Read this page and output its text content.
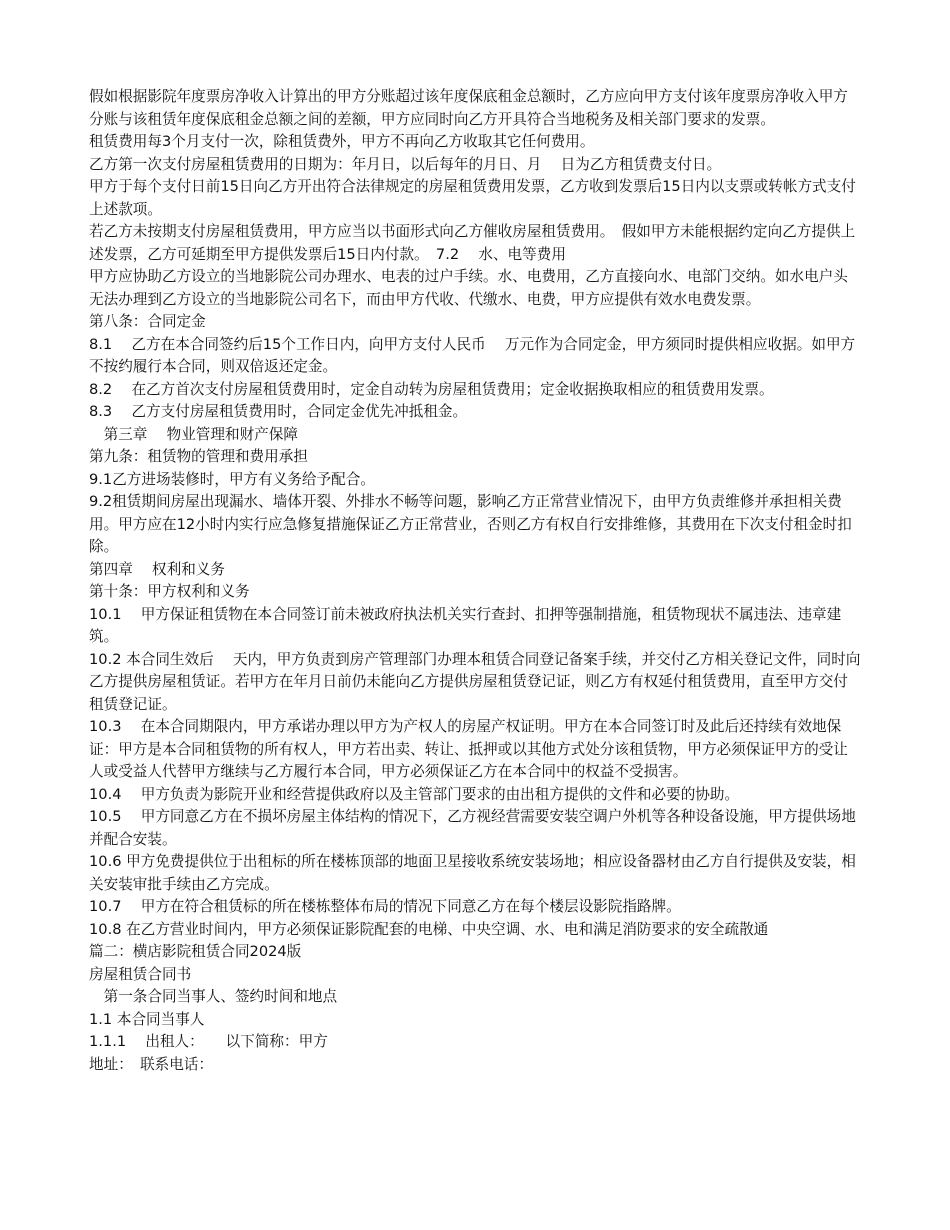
假如根据影院年度票房净收入计算出的甲方分账超过该年度保底租金总额时，乙方应向甲方支付该年度票房净收入甲方分账与该租赁年度保底租金总额之间的差额，甲方应同时向乙方开具符合当地税务及相关部门要求的发票。

租赁费用每3个月支付一次，除租赁费外，甲方不再向乙方收取其它任何费用。

乙方第一次支付房屋租赁费用的日期为：年月日，以后每年的月日、月　 日为乙方租赁费支付日。

甲方于每个支付日前15日向乙方开出符合法律规定的房屋租赁费用发票，乙方收到发票后15日内以支票或转帐方式支付上述款项。

若乙方未按期支付房屋租赁费用，甲方应当以书面形式向乙方催收房屋租赁费用。　假如甲方未能根据约定向乙方提供上述发票，乙方可延期至甲方提供发票后15日内付款。　7.2　 水、电等费用

甲方应协助乙方设立的当地影院公司办理水、电表的过户手续。水、电费用，乙方直接向水、电部门交纳。如水电户头无法办理到乙方设立的当地影院公司名下，而由甲方代收、代缴水、电费，甲方应提供有效水电费发票。

第八条：合同定金

8.1　 乙方在本合同签约后15个工作日内，向甲方支付人民币　 万元作为合同定金，甲方须同时提供相应收据。如甲方不按约履行本合同，则双倍返还定金。

8.2　 在乙方首次支付房屋租赁费用时，定金自动转为房屋租赁费用；定金收据换取相应的租赁费用发票。

8.3　 乙方支付房屋租赁费用时，合同定金优先冲抵租金。

　第三章　 物业管理和财产保障

第九条：租赁物的管理和费用承担

9.1乙方进场装修时，甲方有义务给予配合。

9.2租赁期间房屋出现漏水、墙体开裂、外排水不畅等问题，影响乙方正常营业情况下，由甲方负责维修并承担相关费用。甲方应在12小时内实行应急修复措施保证乙方正常营业，否则乙方有权自行安排维修，其费用在下次支付租金时扣除。

第四章　 权利和义务

第十条：甲方权利和义务

10.1　 甲方保证租赁物在本合同签订前未被政府执法机关实行查封、扣押等强制措施，租赁物现状不属违法、违章建筑。

10.2 本合同生效后　 天内，甲方负责到房产管理部门办理本租赁合同登记备案手续，并交付乙方相关登记文件，同时向乙方提供房屋租赁证。若甲方在年月日前仍未能向乙方提供房屋租赁登记证，则乙方有权延付租赁费用，直至甲方交付租赁登记证。

10.3　 在本合同期限内，甲方承诺办理以甲方为产权人的房屋产权证明。甲方在本合同签订时及此后还持续有效地保证：甲方是本合同租赁物的所有权人，甲方若出卖、转让、抵押或以其他方式处分该租赁物，甲方必须保证甲方的受让人或受益人代替甲方继续与乙方履行本合同，甲方必须保证乙方在本合同中的权益不受损害。

10.4　 甲方负责为影院开业和经营提供政府以及主管部门要求的由出租方提供的文件和必要的协助。

10.5　 甲方同意乙方在不损坏房屋主体结构的情况下，乙方视经营需要安装空调户外机等各种设备设施，甲方提供场地并配合安装。

10.6 甲方免费提供位于出租标的所在楼栋顶部的地面卫星接收系统安装场地；相应设备器材由乙方自行提供及安装，相关安装审批手续由乙方完成。

10.7　 甲方在符合租赁标的所在楼栋整体布局的情况下同意乙方在每个楼层设影院指路牌。

10.8 在乙方营业时间内，甲方必须保证影院配套的电梯、中央空调、水、电和满足消防要求的安全疏散通

篇二：横店影院租赁合同2024版

房屋租赁合同书

　第一条合同当事人、签约时间和地点

1.1 本合同当事人

1.1.1　 出租人：　　以下简称：甲方

地址：　联系电话：
